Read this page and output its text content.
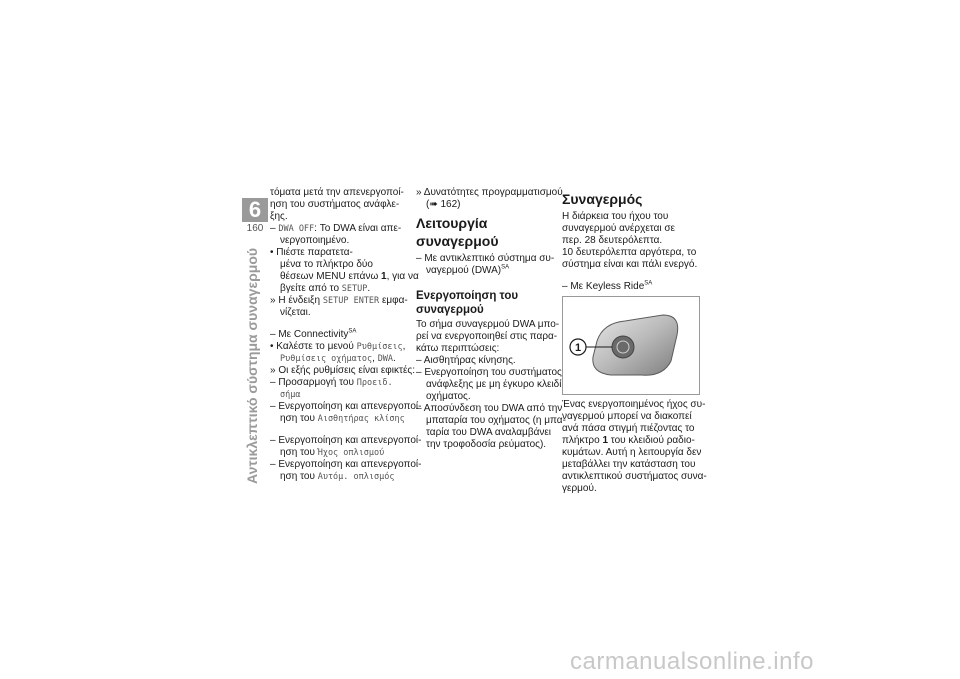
6
160
Αντικλεπτικό σύστημα συναγερμού
τόματα μετά την απενεργοποί-
ηση του συστήματος ανάφλε-
ξης.
– DWA OFF: Το DWA είναι απε-
νεργοποιημένο.
• Πιέστε παρατετα-
μένα το πλήκτρο δύο
θέσεων MENU επάνω 1, για να
βγείτε από το SETUP.
» Η ένδειξη SETUP ENTER εμφα-
νίζεται.
– Με Connectivity$^{SA}$
• Καλέστε το μενού Ρυθμίσεις,
Ρυθμίσεις οχήματος, DWA.
» Οι εξής ρυθμίσεις είναι εφικτές:
– Προσαρμογή του Προειδ.
σήμα
– Ενεργοποίηση και απενεργοποί-
ηση του Αισθητήρας κλίσης
– Ενεργοποίηση και απενεργοποί-
ηση του Ήχος οπλισμού
– Ενεργοποίηση και απενεργοποί-
ηση του Αυτόμ. οπλισμός
» Δυνατότητες προγραμματισμού
(➠ 162)
Λειτουργία συναγερμού
– Με αντικλεπτικό σύστημα συ-
ναγερμού (DWA)$^{SA}$
Ενεργοποίηση του
συναγερμού
Το σήμα συναγερμού DWA μπο-
ρεί να ενεργοποιηθεί στις παρα-
κάτω περιπτώσεις:
– Αισθητήρας κίνησης.
– Ενεργοποίηση του συστήματος
ανάφλεξης με μη έγκυρο κλειδί
οχήματος.
– Αποσύνδεση του DWA από την
μπαταρία του οχήματος (η μπα-
ταρία του DWA αναλαμβάνει
την τροφοδοσία ρεύματος).
Συναγερμός
Η διάρκεια του ήχου του
συναγερμού ανέρχεται σε
περ. 28 δευτερόλεπτα.
10 δευτερόλεπτα αργότερα, το
σύστημα είναι και πάλι ενεργό.
– Με Keyless Ride$^{SA}$
1
Ένας ενεργοποιημένος ήχος συ-
ναγερμού μπορεί να διακοπεί
ανά πάσα στιγμή πιέζοντας το
πλήκτρο 1 του κλειδιού ραδιο-
κυμάτων. Αυτή η λειτουργία δεν
μεταβάλλει την κατάσταση του
αντικλεπτικού συστήματος συνα-
γερμού.
carmanualsonline.info
